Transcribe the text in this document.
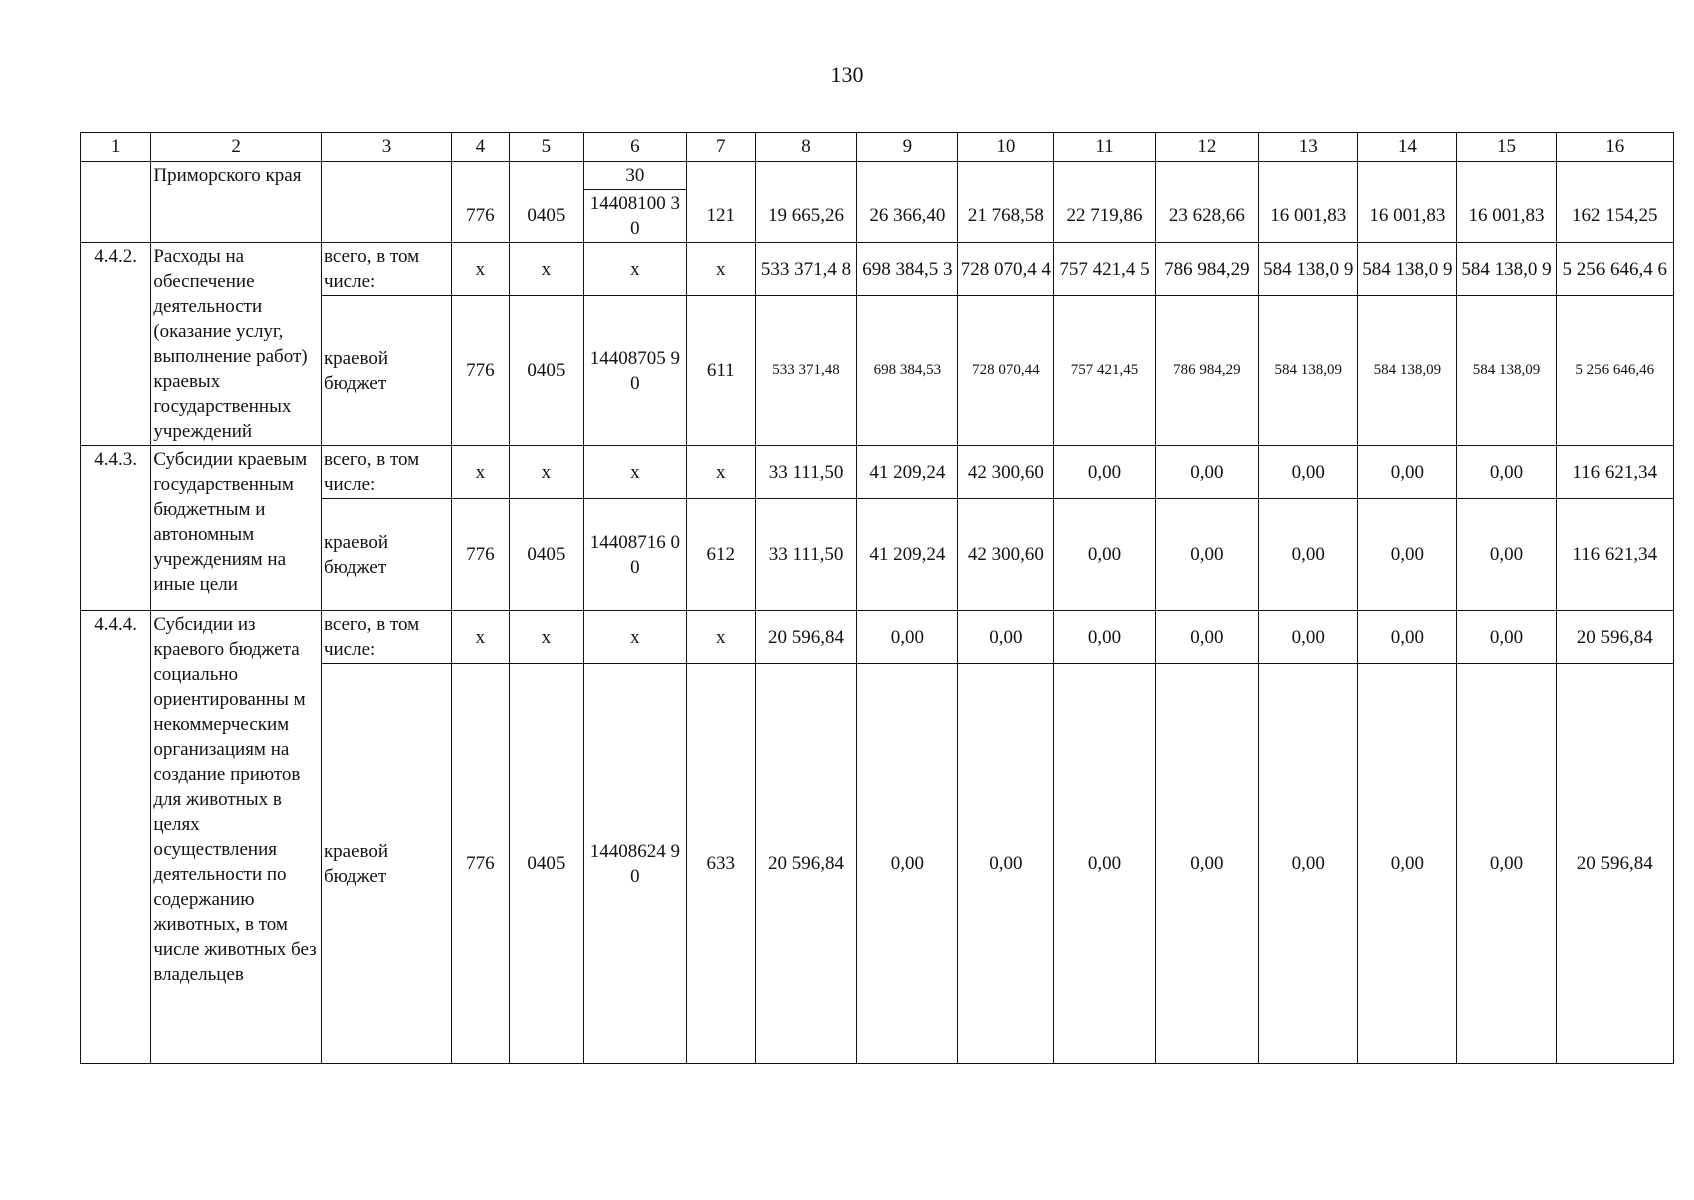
130
1	2	3	4	5	6	7	8	9	10	11	12	13	14	15	16
	Приморского края				30										
			776	0405	14408100 30	121	19 665,26	26 366,40	21 768,58	22 719,86	23 628,66	16 001,83	16 001,83	16 001,83	162 154,25
4.4.2.	Расходы на обеспечение деятельности (оказание услуг, выполнение работ) краевых государственных учреждений	всего, в том числе:	x	x	x	x	533 371,4 8	698 384,5 3	728 070,4 4	757 421,4 5	786 984,29	584 138,0 9	584 138,0 9	584 138,0 9	5 256 646,4 6
		краевой бюджет	776	0405	14408705 90	611	533 371,48	698 384,53	728 070,44	757 421,45	786 984,29	584 138,09	584 138,09	584 138,09	5 256 646,46
4.4.3.	Субсидии краевым государственным бюджетным и автономным учреждениям на иные цели	всего, в том числе:	x	x	x	x	33 111,50	41 209,24	42 300,60	0,00	0,00	0,00	0,00	0,00	116 621,34
		краевой бюджет	776	0405	14408716 00	612	33 111,50	41 209,24	42 300,60	0,00	0,00	0,00	0,00	0,00	116 621,34
4.4.4.	Субсидии из краевого бюджета социально ориентированны м некоммерческим организациям на создание приютов для животных в целях осуществления деятельности по содержанию животных, в том числе животных без владельцев	всего, в том числе:	x	x	x	x	20 596,84	0,00	0,00	0,00	0,00	0,00	0,00	0,00	20 596,84
		краевой бюджет	776	0405	14408624 90	633	20 596,84	0,00	0,00	0,00	0,00	0,00	0,00	0,00	20 596,84
